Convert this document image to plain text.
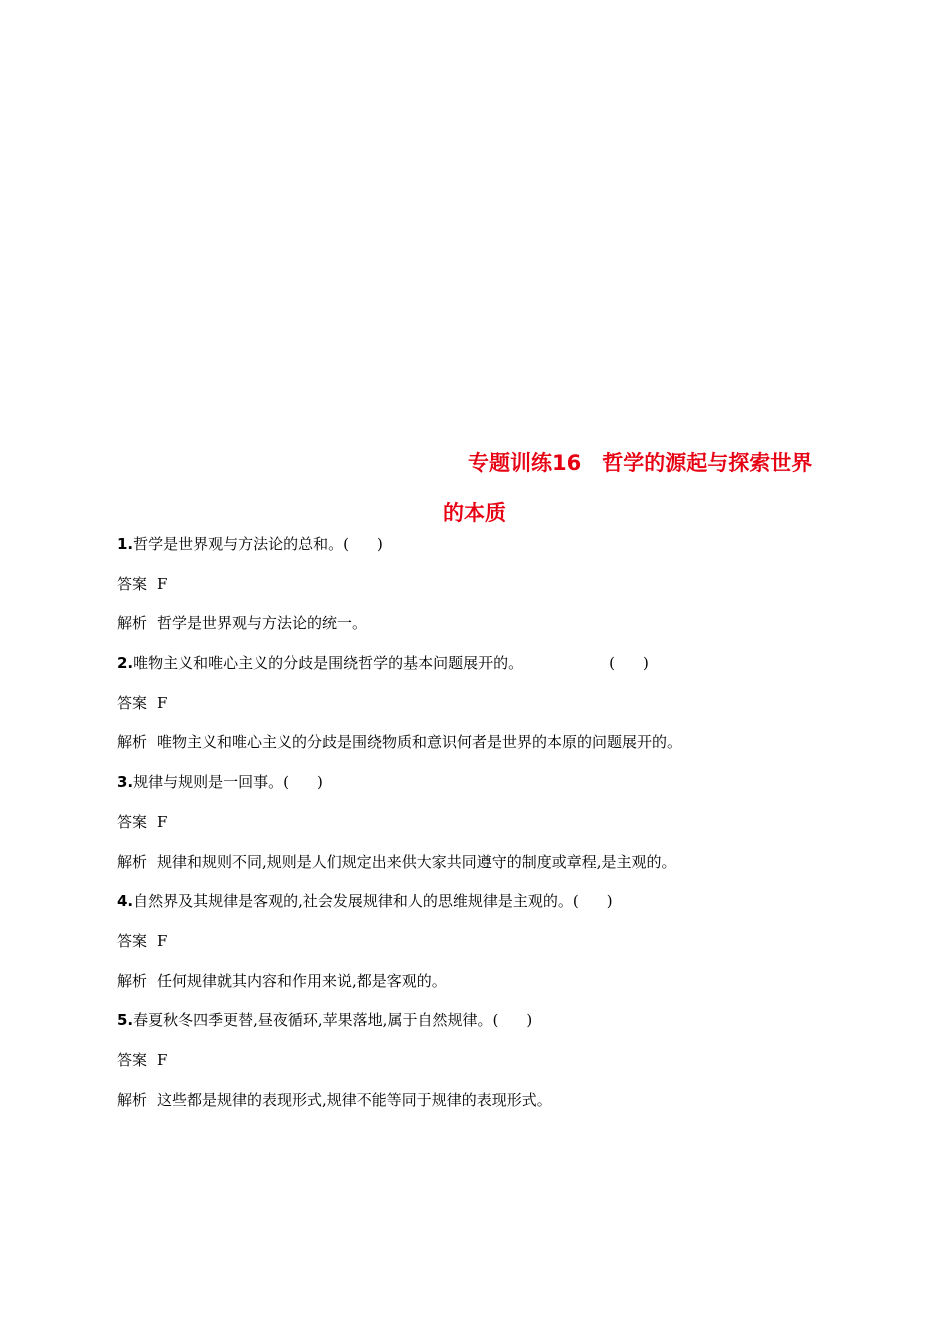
专题训练16　哲学的源起与探索世界
的本质
1. 哲学是世界观与方法论的总和。 ( )
答案 F
解析 哲学是世界观与方法论的统一。
2. 唯物主义和唯心主义的分歧是围绕哲学的基本问题展开的。	( )
答案 F
解析 唯物主义和唯心主义的分歧是围绕物质和意识何者是世界的本原的问题展开的。
3. 规律与规则是一回事。 ( )
答案 F
解析 规律和规则不同,规则是人们规定出来供大家共同遵守的制度或章程,是主观的。
4. 自然界及其规律是客观的,社会发展规律和人的思维规律是主观的。 ( )
答案 F
解析 任何规律就其内容和作用来说,都是客观的。
5. 春夏秋冬四季更替,昼夜循环,苹果落地,属于自然规律。 ( )
答案 F
解析 这些都是规律的表现形式,规律不能等同于规律的表现形式。
